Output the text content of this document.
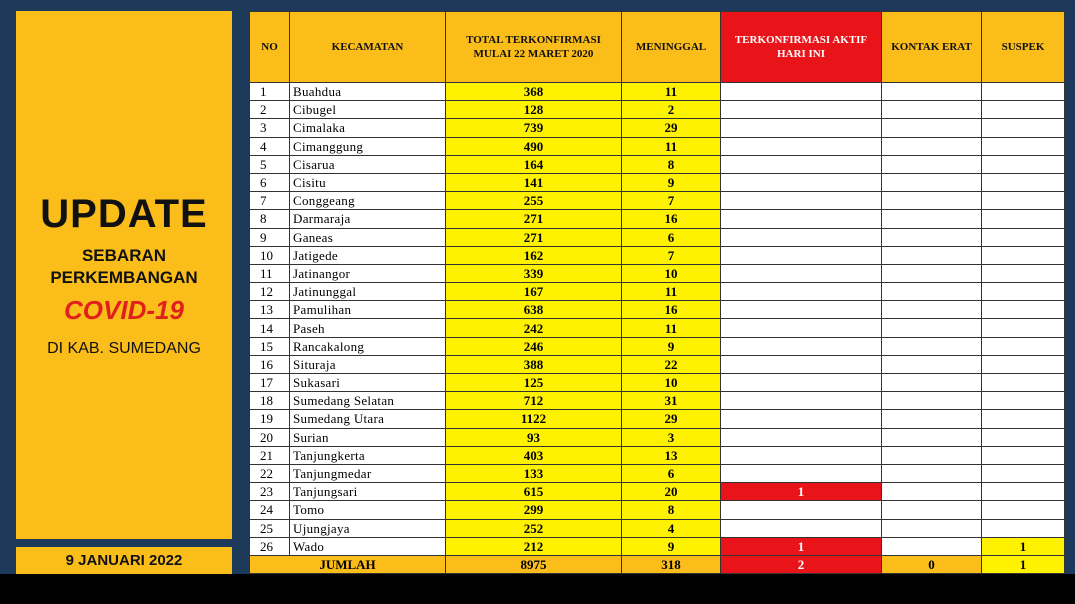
UPDATE
SEBARAN
PERKEMBANGAN
COVID-19
DI KAB. SUMEDANG
9 JANUARI 2022
NO	KECAMATAN	TOTAL TERKONFIRMASI MULAI 22 MARET 2020	MENINGGAL	TERKONFIRMASI AKTIF HARI INI	KONTAK ERAT	SUSPEK
1	Buahdua	368	11			
2	Cibugel	128	2			
3	Cimalaka	739	29			
4	Cimanggung	490	11			
5	Cisarua	164	8			
6	Cisitu	141	9			
7	Conggeang	255	7			
8	Darmaraja	271	16			
9	Ganeas	271	6			
10	Jatigede	162	7			
11	Jatinangor	339	10			
12	Jatinunggal	167	11			
13	Pamulihan	638	16			
14	Paseh	242	11			
15	Rancakalong	246	9			
16	Situraja	388	22			
17	Sukasari	125	10			
18	Sumedang Selatan	712	31			
19	Sumedang Utara	1122	29			
20	Surian	93	3			
21	Tanjungkerta	403	13			
22	Tanjungmedar	133	6			
23	Tanjungsari	615	20	1		
24	Tomo	299	8			
25	Ujungjaya	252	4			
26	Wado	212	9	1		1
JUMLAH		8975	318	2	0	1
